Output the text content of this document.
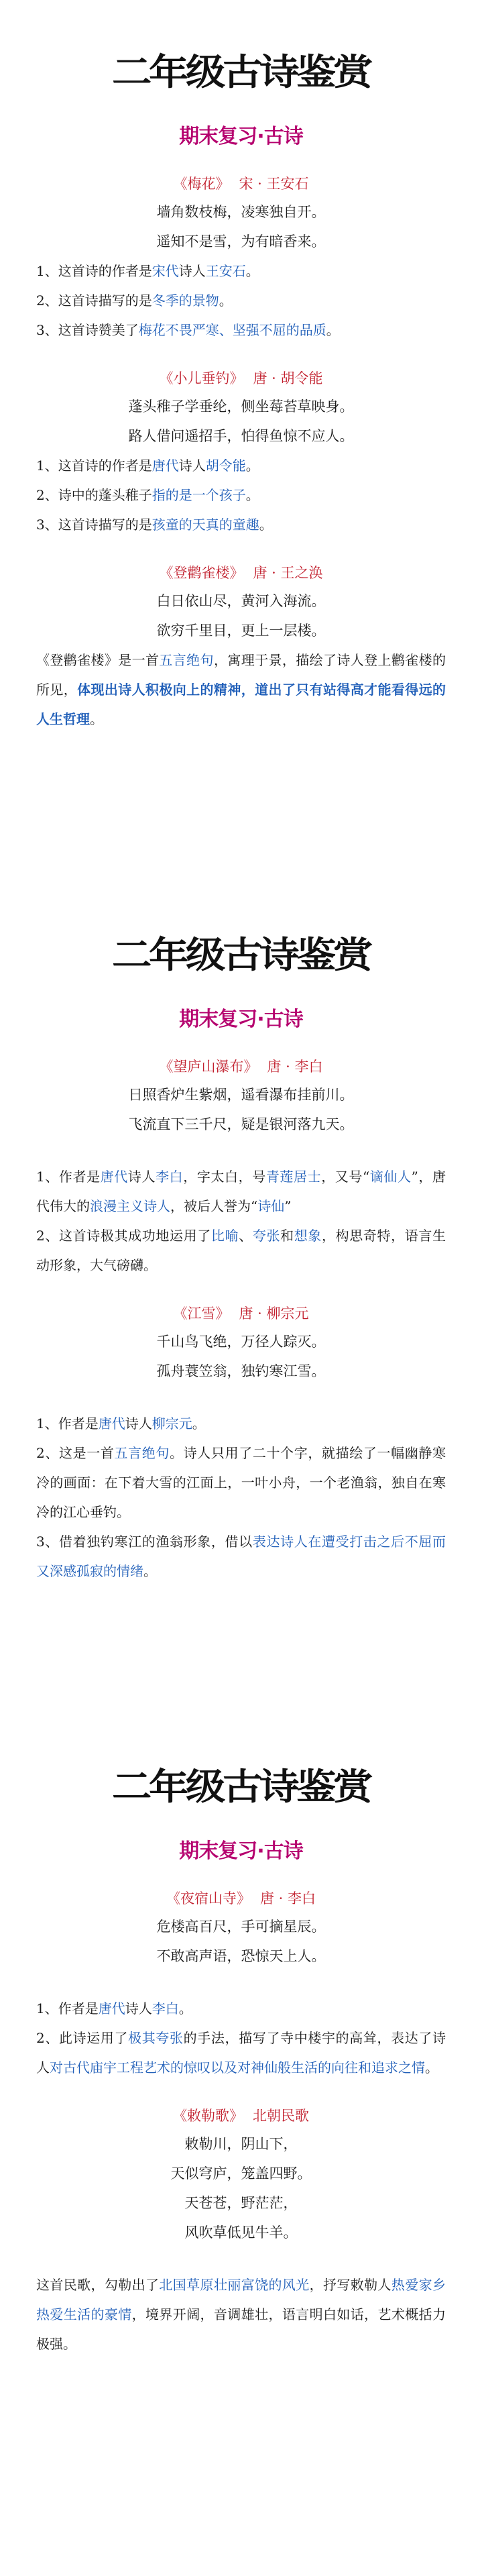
二年级古诗鉴赏
期末复习·古诗
《梅花》 宋 · 王安石
墙角数枝梅，凌寒独自开。
遥知不是雪，为有暗香来。
1、这首诗的作者是宋代诗人王安石。
2、这首诗描写的是冬季的景物。
3、这首诗赞美了梅花不畏严寒、坚强不屈的品质。
《小儿垂钓》 唐 · 胡令能
蓬头稚子学垂纶，侧坐莓苔草映身。
路人借问遥招手，怕得鱼惊不应人。
1、这首诗的作者是唐代诗人胡令能。
2、诗中的蓬头稚子指的是一个孩子。
3、这首诗描写的是孩童的天真的童趣。
《登鹳雀楼》 唐 · 王之涣
白日依山尽，黄河入海流。
欲穷千里目，更上一层楼。
《登鹳雀楼》是一首五言绝句，寓理于景，描绘了诗人登上鹳雀楼的所见，体现出诗人积极向上的精神，道出了只有站得高才能看得远的人生哲理。
二年级古诗鉴赏
期末复习·古诗
《望庐山瀑布》 唐 · 李白
日照香炉生紫烟，遥看瀑布挂前川。
飞流直下三千尺，疑是银河落九天。
1、作者是唐代诗人李白，字太白，号青莲居士，又号“谪仙人”，唐代伟大的浪漫主义诗人，被后人誉为“诗仙”
2、这首诗极其成功地运用了比喻、夸张和想象，构思奇特，语言生动形象，大气磅礴。
《江雪》 唐 · 柳宗元
千山鸟飞绝，万径人踪灭。
孤舟蓑笠翁，独钓寒江雪。
1、作者是唐代诗人柳宗元。
2、这是一首五言绝句。诗人只用了二十个字，就描绘了一幅幽静寒冷的画面：在下着大雪的江面上，一叶小舟，一个老渔翁，独自在寒冷的江心垂钓。
3、借着独钓寒江的渔翁形象，借以表达诗人在遭受打击之后不屈而又深感孤寂的情绪。
二年级古诗鉴赏
期末复习·古诗
《夜宿山寺》 唐 · 李白
危楼高百尺，手可摘星辰。
不敢高声语，恐惊天上人。
1、作者是唐代诗人李白。
2、此诗运用了极其夸张的手法，描写了寺中楼宇的高耸，表达了诗人对古代庙宇工程艺术的惊叹以及对神仙般生活的向往和追求之情。
《敕勒歌》 北朝民歌
敕勒川，阴山下，
天似穹庐，笼盖四野。
天苍苍，野茫茫，
风吹草低见牛羊。
这首民歌，勾勒出了北国草原壮丽富饶的风光，抒写敕勒人热爱家乡热爱生活的豪情，境界开阔，音调雄壮，语言明白如话，艺术概括力极强。
